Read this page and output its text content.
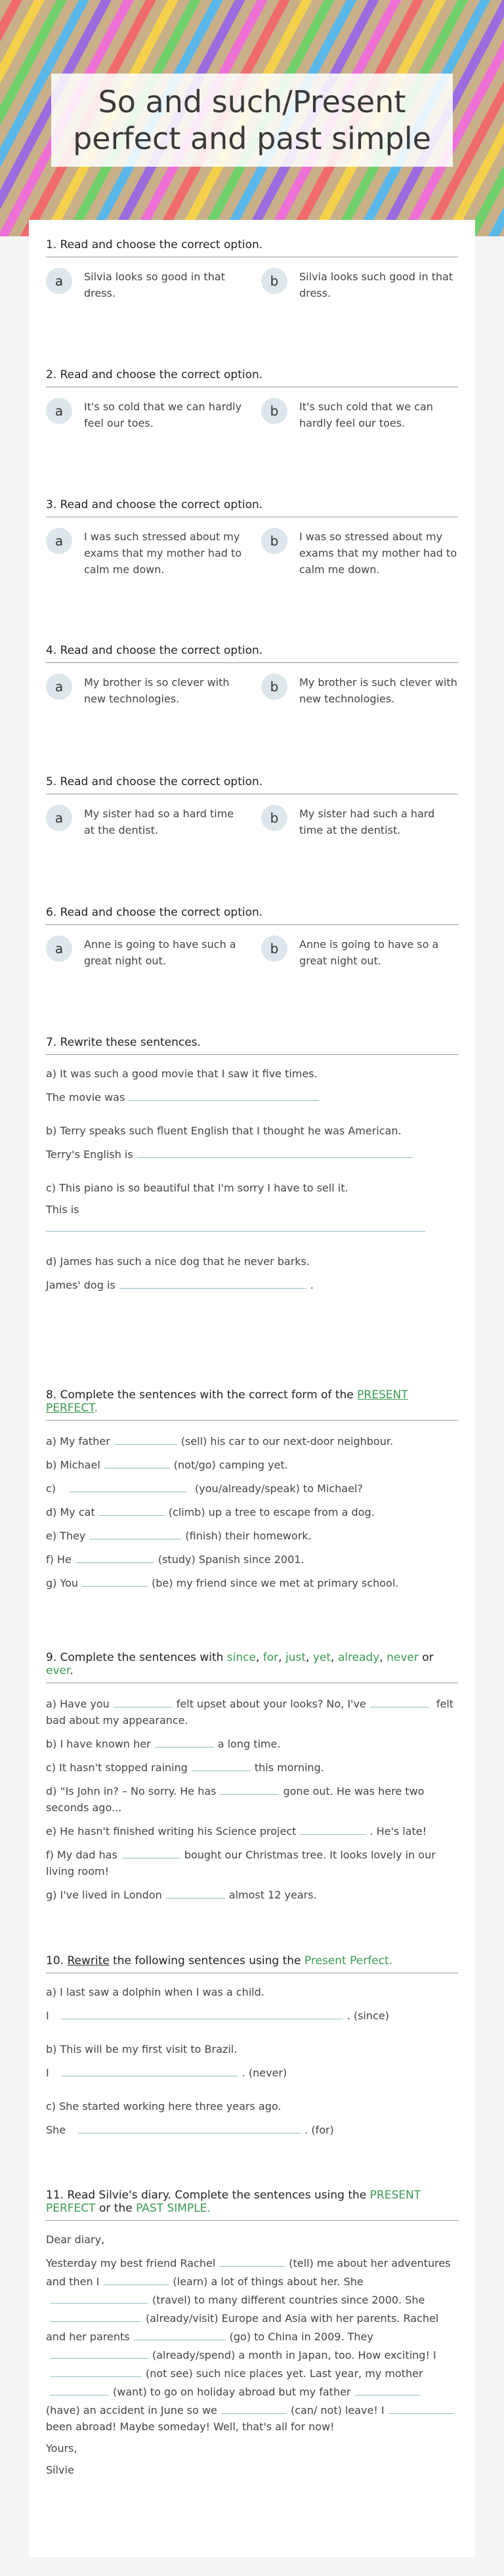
So and such/Present perfect and past simple
1. Read and choose the correct option.
a	Silvia looks so good in that dress.
b	Silvia looks such good in that dress.
2. Read and choose the correct option.
a	It's so cold that we can hardly feel our toes.
b	It's such cold that we can hardly feel our toes.
3. Read and choose the correct option.
a	I was such stressed about my exams that my mother had to calm me down.
b	I was so stressed about my exams that my mother had to calm me down.
4. Read and choose the correct option.
a	My brother is so clever with new technologies.
b	My brother is such clever with new technologies.
5. Read and choose the correct option.
a	My sister had so a hard time at the dentist.
b	My sister had such a hard time at the dentist.
6. Read and choose the correct option.
a	Anne is going to have such a great night out.
b	Anne is going to have so a great night out.
7. Rewrite these sentences.

a) It was such a good movie that I saw it five times.

The movie was

b) Terry speaks such fluent English that I thought he was American.

Terry's English is

c) This piano is so beautiful that I'm sorry I have to sell it.

This is

d) James has such a nice dog that he never barks.

James' dog is	.

8. Complete the sentences with the correct form of the PRESENT PERFECT.

a) My father	(sell) his car to our next-door neighbour.

b) Michael	(not/go) camping yet.

c)	(you/already/speak) to Michael?

d) My cat	(climb) up a tree to escape from a dog.

e) They	(finish) their homework.

f) He	(study) Spanish since 2001.

g) You	(be) my friend since we met at primary school.

9. Complete the sentences with since, for, just, yet, already, never or ever.

a) Have you	felt upset about your looks? No, I've	felt bad about my appearance.

b) I have known her	a long time.

c) It hasn't stopped raining	this morning.

d) “Is John in? – No sorry. He has	gone out. He was here two seconds ago...

e) He hasn't finished writing his Science project	. He's late!

f) My dad has	bought our Christmas tree. It looks lovely in our living room!

g) I've lived in London	almost 12 years.

10. Rewrite the following sentences using the Present Perfect.

a) I last saw a dolphin when I was a child.

I	. (since)

b) This will be my first visit to Brazil.

I	. (never)

c) She started working here three years ago.

She	. (for)

11. Read Silvie's diary. Complete the sentences using the PRESENT PERFECT or the PAST SIMPLE.

Dear diary,

Yesterday my best friend Rachel	(tell) me about her adventures and then I	(learn) a lot of things about her. She(travel) to many different countries since 2000. She(already/visit) Europe and Asia with her parents. Rachel and her parents	(go) to China in 2009. They(already/spend) a month in Japan, too. How exciting! I(not see) such nice places yet. Last year, my mother(want) to go on holiday abroad but my father(have) an accident in June so we	(can/ not) leave! Ibeen abroad! Maybe someday! Well, that's all for now!

Yours,

Silvie
